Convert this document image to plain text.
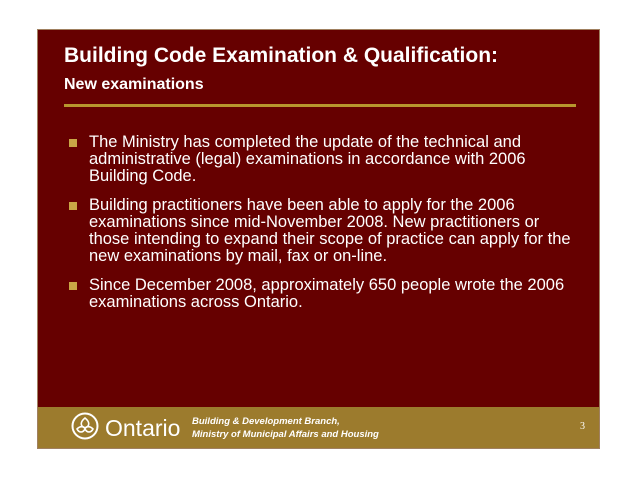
Building Code Examination & Qualification:
New examinations
The Ministry has completed the update of the technical and administrative (legal) examinations in accordance with 2006 Building Code.
Building practitioners have been able to apply for the 2006 examinations since mid-November 2008. New practitioners or those intending to expand their scope of practice can apply for the new examinations by mail, fax or on-line.
Since December 2008, approximately 650 people wrote the 2006 examinations across Ontario.
Ontario Building & Development Branch,
Ministry of Municipal Affairs and Housing
3
